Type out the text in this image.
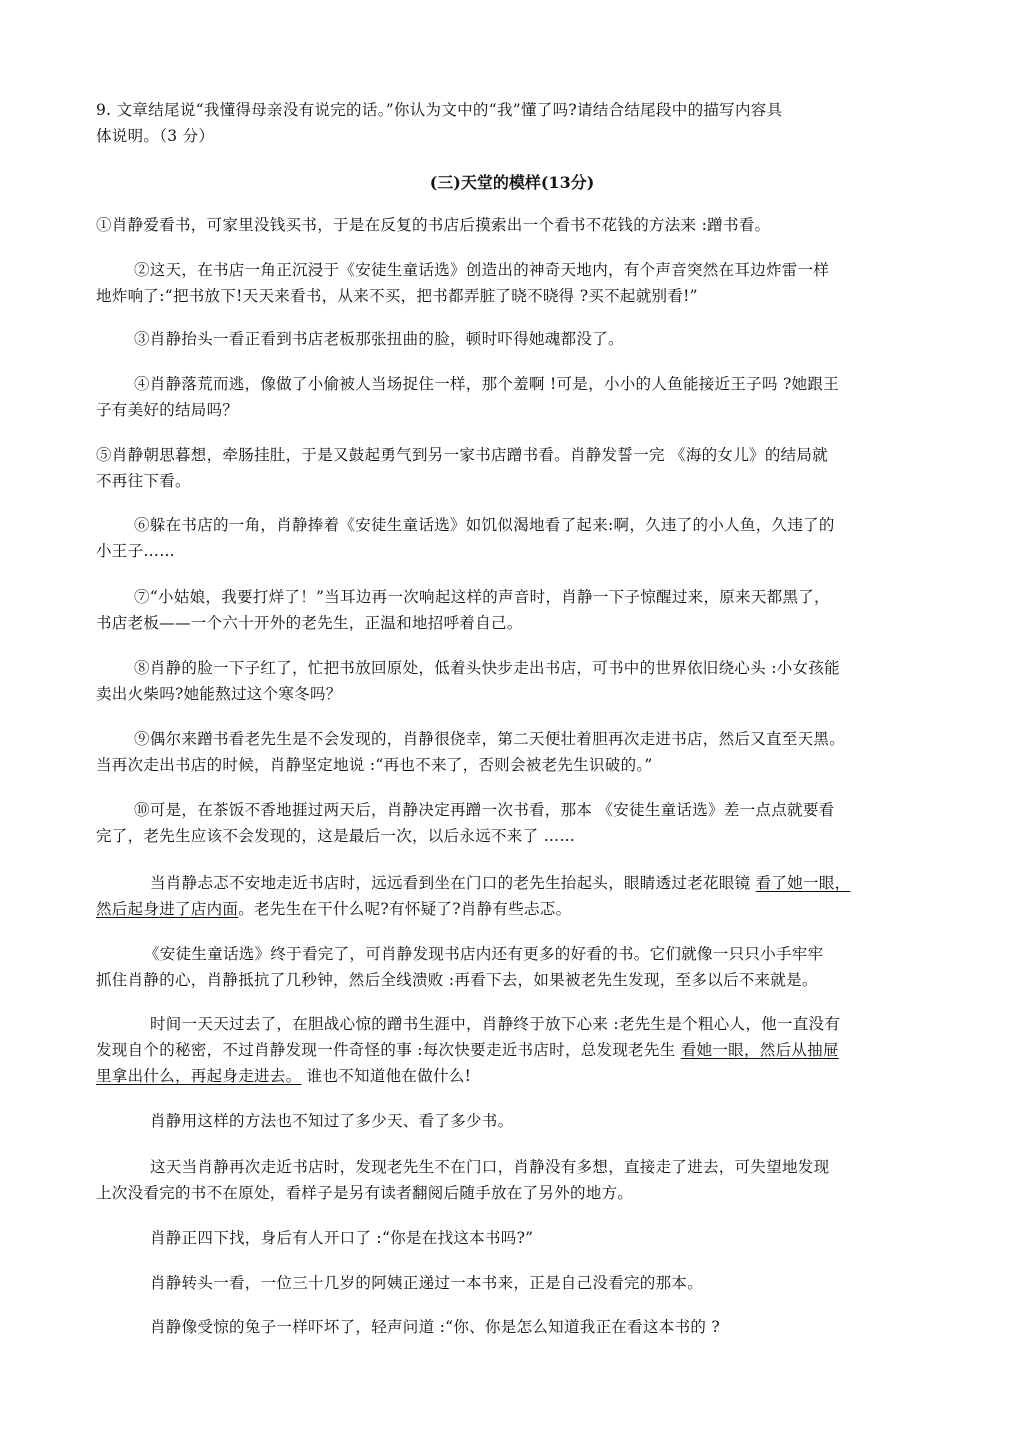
9. 文章结尾说“我懂得母亲没有说完的话。”你认为文中的“我”懂了吗?请结合结尾段中的描写内容具
体说明。（3 分）
(三)天堂的模样(13分)
①肖静爱看书，可家里没钱买书，于是在反复的书店后摸索出一个看书不花钱的方法来 :蹭书看。
②这天，在书店一角正沉浸于《安徒生童话选》创造出的神奇天地内，有个声音突然在耳边炸雷一样
地炸响了:“把书放下!天天来看书，从来不买，把书都弄脏了晓不晓得 ?买不起就别看!”
③肖静抬头一看正看到书店老板那张扭曲的脸，顿时吓得她魂都没了。
④肖静落荒而逃，像做了小偷被人当场捉住一样，那个羞啊 !可是，小小的人鱼能接近王子吗 ?她跟王
子有美好的结局吗？
⑤肖静朝思暮想，牵肠挂肚，于是又鼓起勇气到另一家书店蹭书看。肖静发誓一完 《海的女儿》的结局就
不再往下看。
⑥躲在书店的一角，肖静捧着《安徒生童话选》如饥似渴地看了起来:啊，久违了的小人鱼，久违了的
小王子……
⑦“小姑娘，我要打烊了！”当耳边再一次响起这样的声音时，肖静一下子惊醒过来，原来天都黑了，
书店老板——一个六十开外的老先生，正温和地招呼着自己。
⑧肖静的脸一下子红了，忙把书放回原处，低着头快步走出书店，可书中的世界依旧绕心头 :小女孩能
卖出火柴吗?她能熬过这个寒冬吗？
⑨偶尔来蹭书看老先生是不会发现的，肖静很侥幸，第二天便壮着胆再次走进书店，然后又直至天黑。
当再次走出书店的时候，肖静坚定地说 :“再也不来了，否则会被老先生识破的。”
⑩可是，在茶饭不香地捱过两天后，肖静决定再蹭一次书看，那本 《安徒生童话选》差一点点就要看
完了，老先生应该不会发现的，这是最后一次，以后永远不来了 ……
当肖静忐忑不安地走近书店时，远远看到坐在门口的老先生抬起头，眼睛透过老花眼镜 看了她一眼，
然后起身进了店内面。老先生在干什么呢?有怀疑了?肖静有些忐忑。
《安徒生童话选》终于看完了，可肖静发现书店内还有更多的好看的书。它们就像一只只小手牢牢
抓住肖静的心，肖静抵抗了几秒钟，然后全线溃败 :再看下去，如果被老先生发现，至多以后不来就是。
时间一天天过去了，在胆战心惊的蹭书生涯中，肖静终于放下心来 :老先生是个粗心人，他一直没有
发现自个的秘密，不过肖静发现一件奇怪的事 :每次快要走近书店时，总发现老先生 看她一眼，然后从抽屉
里拿出什么，再起身走进去。 谁也不知道他在做什么!
肖静用这样的方法也不知过了多少天、看了多少书。
这天当肖静再次走近书店时，发现老先生不在门口，肖静没有多想，直接走了进去，可失望地发现
上次没看完的书不在原处，看样子是另有读者翻阅后随手放在了另外的地方。
肖静正四下找，身后有人开口了 :“你是在找这本书吗?”
肖静转头一看，一位三十几岁的阿姨正递过一本书来，正是自己没看完的那本。
肖静像受惊的兔子一样吓坏了，轻声问道 :“你、你是怎么知道我正在看这本书的 ?
